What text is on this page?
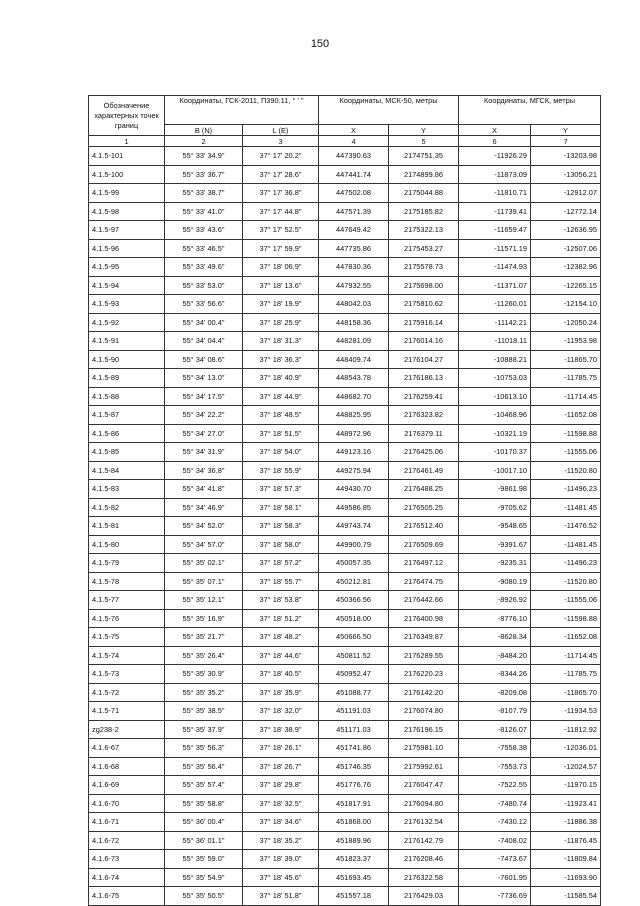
150
Обозначение характерных точек границ	Координаты, ГСК-2011, П390.11, ° ' "		Координаты, МСК-50, метры		Координаты, МГСК, метры	
	B (N)	L (E)	X	Y	X	Y
1	2	3	4	5	6	7
4.1.5-101	55° 33' 34.9"	37° 17' 20.2"	447390.63	2174751.35	-11926.29	-13203.98
4.1.5-100	55° 33' 36.7"	37° 17' 28.6"	447441.74	2174899.86	-11873.09	-13056.21
4.1.5-99	55° 33' 38.7"	37° 17' 36.8"	447502.08	2175044.88	-11810.71	-12912.07
4.1.5-98	55° 33' 41.0"	37° 17' 44.8"	447571.39	2175185.82	-11739.41	-12772.14
4.1.5-97	55° 33' 43.6"	37° 17' 52.5"	447649.42	2175322.13	-11659.47	-12636.95
4.1.5-96	55° 33' 46.5"	37° 17' 59.9"	447735.86	2175453.27	-11571.19	-12507.06
4.1.5-95	55° 33' 49.6"	37° 18' 06.9"	447830.36	2175578.73	-11474.93	-12382.96
4.1.5-94	55° 33' 53.0"	37° 18' 13.6"	447932.55	2175698.00	-11371.07	-12265.15
4.1.5-93	55° 33' 56.6"	37° 18' 19.9"	448042.03	2175810.62	-11260.01	-12154.10
4.1.5-92	55° 34' 00.4"	37° 18' 25.9"	448158.36	2175916.14	-11142.21	-12050.24
4.1.5-91	55° 34' 04.4"	37° 18' 31.3"	448281.09	2176014.16	-11018.11	-11953.98
4.1.5-90	55° 34' 08.6"	37° 18' 36.3"	448409.74	2176104.27	-10888.21	-11865.70
4.1.5-89	55° 34' 13.0"	37° 18' 40.9"	448543.78	2176186.13	-10753.03	-11785.75
4.1.5-88	55° 34' 17.5"	37° 18' 44.9"	448682.70	2176259.41	-10613.10	-11714.45
4.1.5-87	55° 34' 22.2"	37° 18' 48.5"	448825.95	2176323.82	-10468.96	-11652.08
4.1.5-86	55° 34' 27.0"	37° 18' 51.5"	448972.96	2176379.11	-10321.19	-11598.88
4.1.5-85	55° 34' 31.9"	37° 18' 54.0"	449123.16	2176425.06	-10170.37	-11555.06
4.1.5-84	55° 34' 36.8"	37° 18' 55.9"	449275.94	2176461.49	-10017.10	-11520.80
4.1.5-83	55° 34' 41.8"	37° 18' 57.3"	449430.70	2176488.25	-9861.98	-11496.23
4.1.5-82	55° 34' 46.9"	37° 18' 58.1"	449586.85	2176505.25	-9705.62	-11481.45
4.1.5-81	55° 34' 52.0"	37° 18' 58.3"	449743.74	2176512.40	-9548.65	-11476.52
4.1.5-80	55° 34' 57.0"	37° 18' 58.0"	449900.79	2176509.69	-9391.67	-11481.45
4.1.5-79	55° 35' 02.1"	37° 18' 57.2"	450057.35	2176497.12	-9235.31	-11496.23
4.1.5-78	55° 35' 07.1"	37° 18' 55.7"	450212.81	2176474.75	-9080.19	-11520.80
4.1.5-77	55° 35' 12.1"	37° 18' 53.8"	450366.56	2176442.66	-8926.92	-11555.06
4.1.5-76	55° 35' 16.9"	37° 18' 51.2"	450518.00	2176400.98	-8776.10	-11598.88
4.1.5-75	55° 35' 21.7"	37° 18' 48.2"	450666.50	2176349.87	-8628.34	-11652.08
4.1.5-74	55° 35' 26.4"	37° 18' 44.6"	450811.52	2176289.55	-8484.20	-11714.45
4.1.5-73	55° 35' 30.9"	37° 18' 40.5"	450952.47	2176220.23	-8344.26	-11785.75
4.1.5-72	55° 35' 35.2"	37° 18' 35.9"	451088.77	2176142.20	-8209.08	-11865.70
4.1.5-71	55° 35' 38.5"	37° 18' 32.0"	451191.03	2176074.80	-8107.79	-11934.53
zg238-2	55° 35' 37.9"	37° 18' 38.9"	451171.03	2176196.15	-8126.07	-11812.92
4.1.6-67	55° 35' 56.3"	37° 18' 26.1"	451741.86	2175981.10	-7558.38	-12036.01
4.1.6-68	55° 35' 56.4"	37° 18' 26.7"	451746.35	2175992.61	-7553.73	-12024.57
4.1.6-69	55° 35' 57.4"	37° 18' 29.8"	451776.76	2176047.47	-7522.55	-11970.15
4.1.6-70	55° 35' 58.8"	37° 18' 32.5"	451817.91	2176094.80	-7480.74	-11923.41
4.1.6-71	55° 36' 00.4"	37° 18' 34.6"	451868.00	2176132.54	-7430.12	-11886.38
4.1.6-72	55° 36' 01.1"	37° 18' 35.2"	451889.96	2176142.79	-7408.02	-11876.45
4.1.6-73	55° 35' 59.0"	37° 18' 39.0"	451823.37	2176208.46	-7473.67	-11809.84
4.1.6-74	55° 35' 54.9"	37° 18' 45.6"	451693.45	2176322.58	-7601.95	-11693.90
4.1.6-75	55° 35' 50.5"	37° 18' 51.8"	451557.18	2176429.03	-7736.69	-11585.54
